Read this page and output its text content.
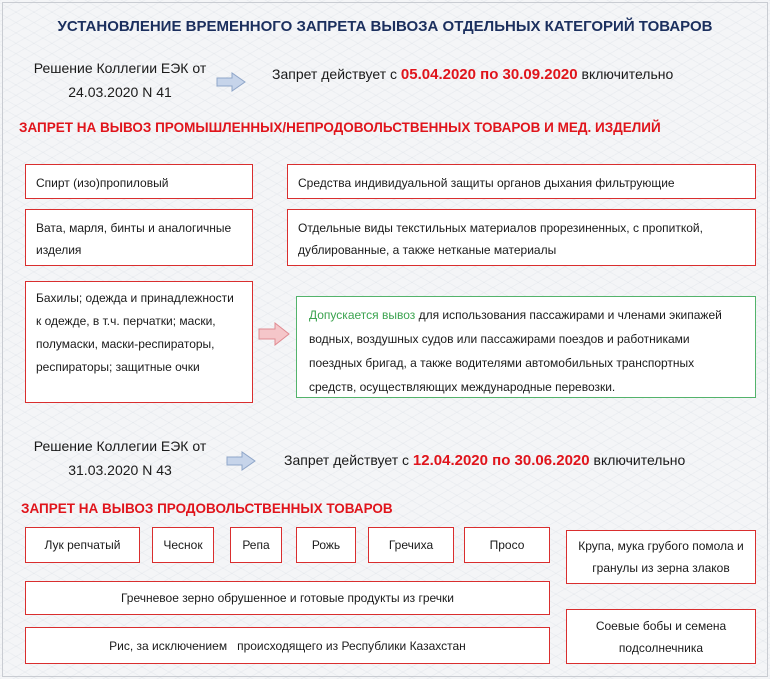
УСТАНОВЛЕНИЕ ВРЕМЕННОГО ЗАПРЕТА ВЫВОЗА ОТДЕЛЬНЫХ КАТЕГОРИЙ ТОВАРОВ
Решение Коллегии ЕЭК от
24.03.2020 N 41
Запрет действует с 05.04.2020 по 30.09.2020 включительно
ЗАПРЕТ НА ВЫВОЗ ПРОМЫШЛЕННЫХ/НЕПРОДОВОЛЬСТВЕННЫХ ТОВАРОВ И МЕД. ИЗДЕЛИЙ
Спирт (изо)пропиловый	Средства индивидуальной защиты органов дыхания фильтрующие
Вата, марля, бинты и аналогичные изделия
Отдельные виды текстильных материалов прорезиненных, с пропиткой, дублированные, а также нетканые материалы
Бахилы; одежда и принадлежности к одежде, в т.ч. перчатки; маски, полумаски, маски-респираторы, респираторы; защитные очки
Допускается вывоз для использования пассажирами и членами экипажей водных, воздушных судов или пассажирами поездов и работниками поездных бригад, а также водителями автомобильных транспортных средств, осуществляющих международные перевозки.
Решение Коллегии ЕЭК от
31.03.2020 N 43
Запрет действует с 12.04.2020 по 30.06.2020 включительно
ЗАПРЕТ НА ВЫВОЗ ПРОДОВОЛЬСТВЕННЫХ ТОВАРОВ
Лук репчатый	Чеснок	Репа	Рожь	Гречиха	Просо	Крупа, мука грубого помола и гранулы из зерна злаков
Гречневое зерно обрушенное и готовые продукты из гречки
Рис, за исключением   происходящего из Республики Казахстан
Соевые бобы и семена подсолнечника
